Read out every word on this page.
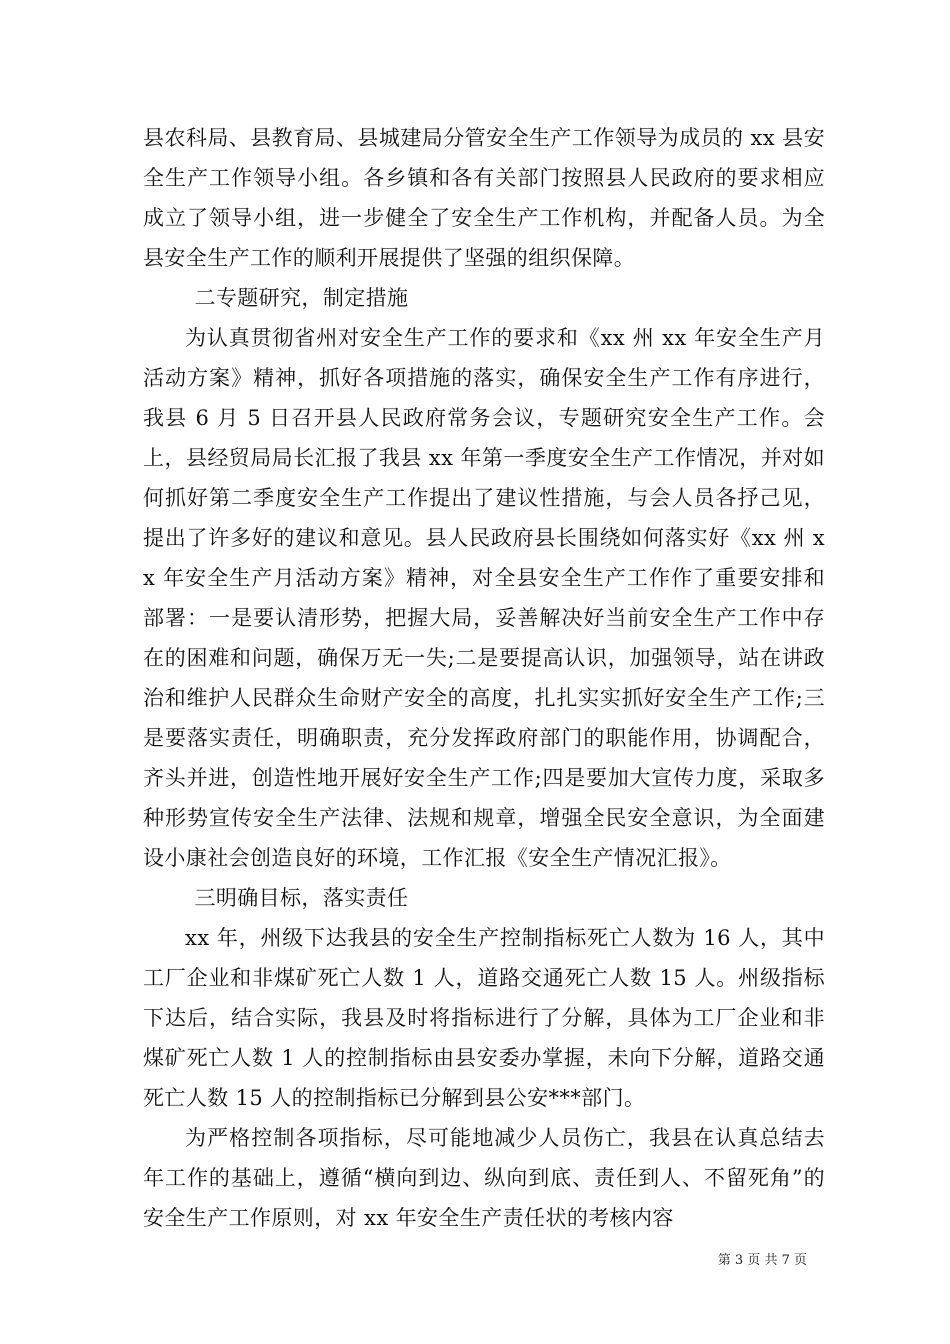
县农科局、县教育局、县城建局分管安全生产工作领导为成员的 xx 县安全生产工作领导小组。各乡镇和各有关部门按照县人民政府的要求相应成立了领导小组，进一步健全了安全生产工作机构，并配备人员。为全县安全生产工作的顺利开展提供了坚强的组织保障。

二专题研究，制定措施

为认真贯彻省州对安全生产工作的要求和《xx 州 xx 年安全生产月活动方案》精神，抓好各项措施的落实，确保安全生产工作有序进行，我县 6 月 5 日召开县人民政府常务会议，专题研究安全生产工作。会上，县经贸局局长汇报了我县 xx 年第一季度安全生产工作情况，并对如何抓好第二季度安全生产工作提出了建议性措施，与会人员各抒己见，提出了许多好的建议和意见。县人民政府县长围绕如何落实好《xx 州 xx 年安全生产月活动方案》精神，对全县安全生产工作作了重要安排和部署：一是要认清形势，把握大局，妥善解决好当前安全生产工作中存在的困难和问题，确保万无一失;二是要提高认识，加强领导，站在讲政治和维护人民群众生命财产安全的高度，扎扎实实抓好安全生产工作;三是要落实责任，明确职责，充分发挥政府部门的职能作用，协调配合，齐头并进，创造性地开展好安全生产工作;四是要加大宣传力度，采取多种形势宣传安全生产法律、法规和规章，增强全民安全意识，为全面建设小康社会创造良好的环境，工作汇报《安全生产情况汇报》。

三明确目标，落实责任

xx 年，州级下达我县的安全生产控制指标死亡人数为 16 人，其中工厂企业和非煤矿死亡人数 1 人，道路交通死亡人数 15 人。州级指标下达后，结合实际，我县及时将指标进行了分解，具体为工厂企业和非煤矿死亡人数 1 人的控制指标由县安委办掌握，未向下分解，道路交通死亡人数 15 人的控制指标已分解到县公安***部门。

为严格控制各项指标，尽可能地减少人员伤亡，我县在认真总结去年工作的基础上，遵循“横向到边、纵向到底、责任到人、不留死角”的安全生产工作原则，对 xx 年安全生产责任状的考核内容

第 3 页 共 7 页
